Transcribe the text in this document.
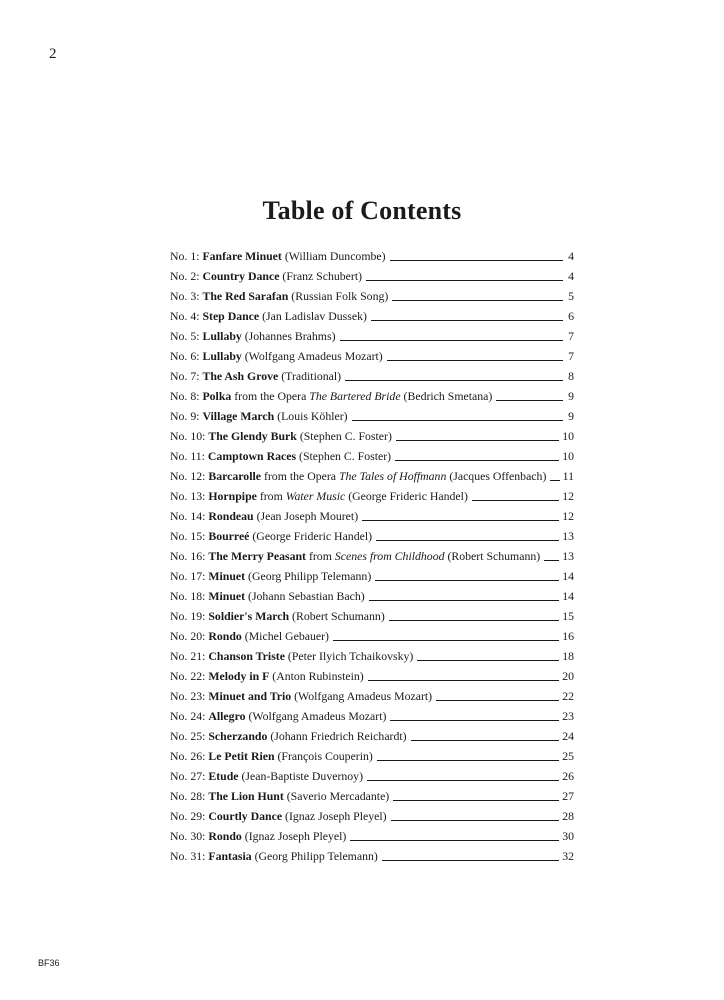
2
Table of Contents
No. 1: Fanfare Minuet (William Duncombe)	4
No. 2: Country Dance (Franz Schubert)	4
No. 3: The Red Sarafan (Russian Folk Song)	5
No. 4: Step Dance (Jan Ladislav Dussek)	6
No. 5: Lullaby (Johannes Brahms)	7
No. 6: Lullaby (Wolfgang Amadeus Mozart)	7
No. 7: The Ash Grove (Traditional)	8
No. 8: Polka from the Opera The Bartered Bride (Bedrich Smetana)	9
No. 9: Village March (Louis Köhler)	9
No. 10: The Glendy Burk (Stephen C. Foster)	10
No. 11: Camptown Races (Stephen C. Foster)	10
No. 12: Barcarolle from the Opera The Tales of Hoffmann (Jacques Offenbach) 11
No. 13: Hornpipe from Water Music (George Frideric Handel)	12
No. 14: Rondeau (Jean Joseph Mouret)	12
No. 15: Bourreé (George Frideric Handel)	13
No. 16: The Merry Peasant from Scenes from Childhood (Robert Schumann) 13
No. 17: Minuet (Georg Philipp Telemann)	14
No. 18: Minuet (Johann Sebastian Bach)	14
No. 19: Soldier's March (Robert Schumann)	15
No. 20: Rondo (Michel Gebauer)	16
No. 21: Chanson Triste (Peter Ilyich Tchaikovsky)	18
No. 22: Melody in F (Anton Rubinstein)	20
No. 23: Minuet and Trio (Wolfgang Amadeus Mozart)	22
No. 24: Allegro (Wolfgang Amadeus Mozart)	23
No. 25: Scherzando (Johann Friedrich Reichardt)	24
No. 26: Le Petit Rien (François Couperin)	25
No. 27: Etude (Jean-Baptiste Duvernoy)	26
No. 28: The Lion Hunt (Saverio Mercadante)	27
No. 29: Courtly Dance (Ignaz Joseph Pleyel)	28
No. 30: Rondo (Ignaz Joseph Pleyel)	30
No. 31: Fantasia (Georg Philipp Telemann)	32
BF36
